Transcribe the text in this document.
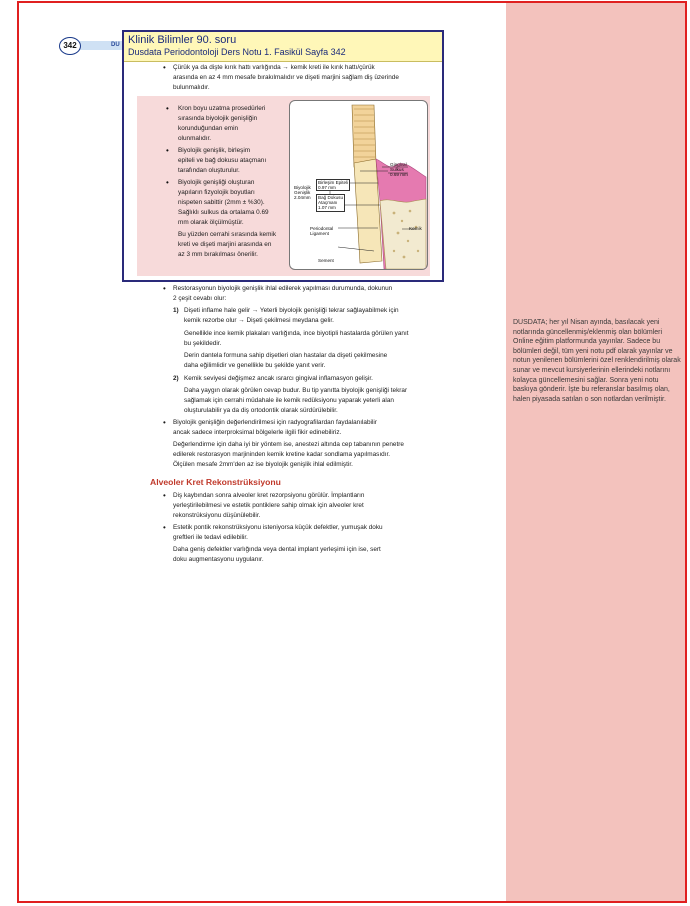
342	DU Klinik Bilimler 90. soru
Dusdata Periodontoloji Ders Notu 1. Fasikül Sayfa 342
• Çürük ya da dişte kırık hattı varlığında → kemik kreti ile kırık hattı/çürük
arasında en az 4 mm mesafe bırakılmalıdır ve dişeti marjini sağlam diş üzerinde
bulunmalıdır.
• Kron boyu uzatma prosedürleri
sırasında biyolojik genişliğin
korunduğundan emin
olunmalıdır.
• Biyolojik genişlik, birleşim
epiteli ve bağ dokusu ataçmanı
tarafından oluşturulur.
• Biyolojik genişliği oluşturan
yapıların fizyolojik boyutları
nispeten sabittir (2mm ± %30).
Sağlıklı sulkus da ortalama 0.69
mm olarak ölçülmüştür.
Bu yüzden cerrahi sırasında kemik
kreti ve dişeti marjini arasında en
az 3 mm bırakılması önerilir.
Biyolojik
Genişlik
2.04mm
Birleşim Epiteli
0.97 mm
Bağ Dokusu
Ataçmanı
1.07 mm
Gingival
Sulkus
0.69 mm
Kemik
Periodontal
Ligament
Sement
• Restorasyonun biyolojik genişlik ihlal edilerek yapılması durumunda, dokunun
2 çeşit cevabı olur:
1) Dişeti inflame hale gelir → Yeterli biyolojik genişliği tekrar sağlayabilmek için
kemik rezorbe olur → Dişeti çekilmesi meydana gelir.
Genellikle ince kemik plakaları varlığında, ince biyotipli hastalarda görülen yanıt
bu şekildedir.
Derin dantela formuna sahip dişetleri olan hastalar da dişeti çekilmesine
daha eğilimlidir ve genellikle bu şekilde yanıt verir.
2) Kemik seviyesi değişmez ancak ısrarcı gingival inflamasyon gelişir.
Daha yaygın olarak görülen cevap budur. Bu tip yanıtta biyolojik genişliği tekrar
sağlamak için cerrahi müdahale ile kemik redüksiyonu yaparak yeterli alan
oluşturulabilir ya da diş ortodontik olarak sürdürülebilir.
• Biyolojik genişliğin değerlendirilmesi için radyografilardan faydalanılabilir
ancak sadece interproksimal bölgelerle ilgili fikir edinebiliriz.
Değerlendirme için daha iyi bir yöntem ise, anestezi altında cep tabanının penetre
edilerek restorasyon marjininden kemik kretine kadar sondlama yapılmasıdır.
Ölçülen mesafe 2mm'den az ise biyolojik genişlik ihlal edilmiştir.
Alveoler Kret Rekonstrüksiyonu
• Diş kaybından sonra alveoler kret rezorpsiyonu görülür. İmplantların
yerleştirilebilmesi ve estetik pontiklere sahip olmak için alveoler kret
rekonstrüksiyonu düşünülebilir.
• Estetik pontik rekonstrüksiyonu isteniyorsa küçük defektler, yumuşak doku
greftleri ile tedavi edilebilir.
Daha geniş defektler varlığında veya dental implant yerleşimi için ise, sert
doku augmentasyonu uygulanır.
DUSDATA; her yıl Nisan ayında, basılacak yeni notlarında güncellenmiş/eklenmiş olan bölümleri Online eğitim platformunda yayınlar. Sadece bu bölümleri değil, tüm yeni notu pdf olarak yayınlar ve notun yenilenen bölümlerini özel renklendirilmiş olarak sunar ve mevcut kursiyerlerinin ellerindeki notlarını kolayca güncellemesini sağlar. Sonra yeni notu baskıya gönderir. İşte bu referanslar basılmış olan, halen piyasada satılan o son notlardan verilmiştir.
